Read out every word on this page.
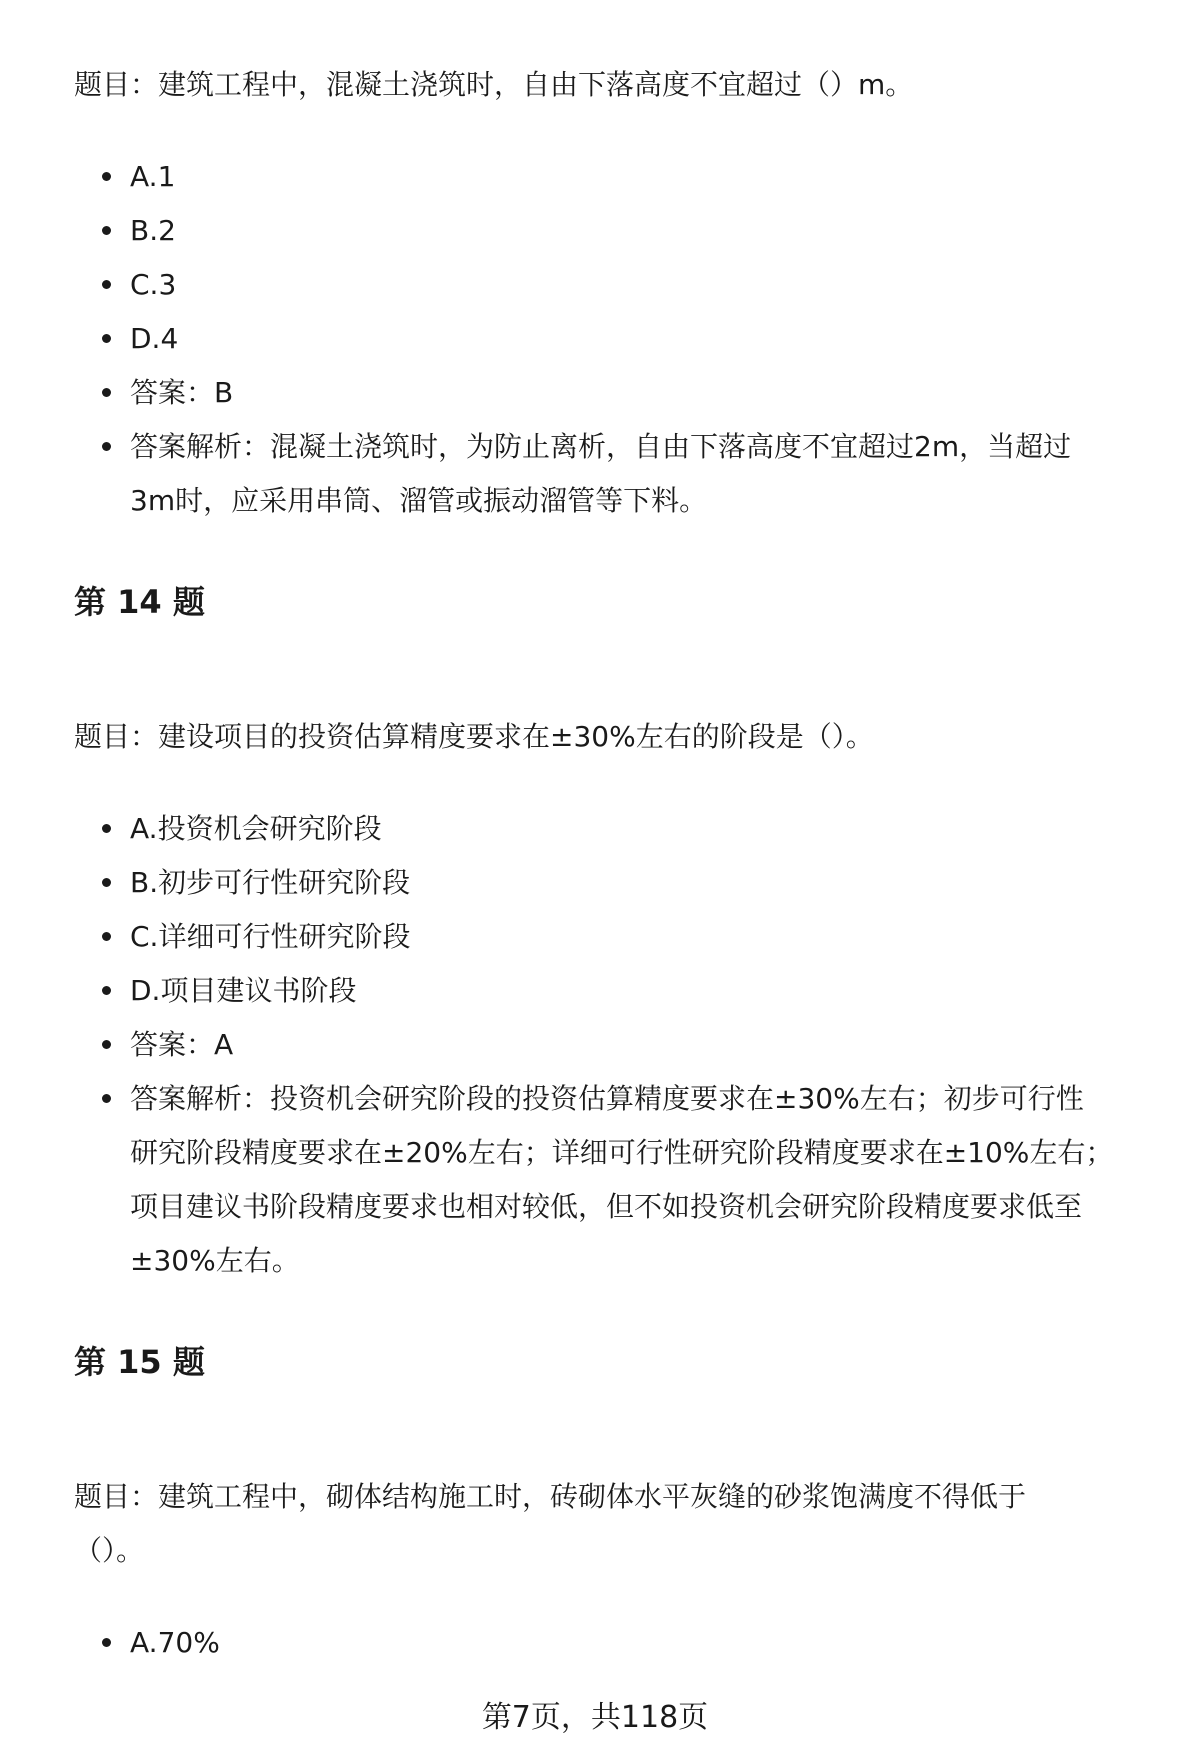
题目：建筑工程中，混凝土浇筑时，自由下落高度不宜超过（）m。
A.1
B.2
C.3
D.4
答案：B
答案解析：混凝土浇筑时，为防止离析，自由下落高度不宜超过2m，当超过
3m时，应采用串筒、溜管或振动溜管等下料。
第 14 题
题目：建设项目的投资估算精度要求在±30%左右的阶段是（）。
A.投资机会研究阶段
B.初步可行性研究阶段
C.详细可行性研究阶段
D.项目建议书阶段
答案：A
答案解析：投资机会研究阶段的投资估算精度要求在±30%左右；初步可行性
研究阶段精度要求在±20%左右；详细可行性研究阶段精度要求在±10%左右；
项目建议书阶段精度要求也相对较低，但不如投资机会研究阶段精度要求低至
±30%左右。
第 15 题
题目：建筑工程中，砌体结构施工时，砖砌体水平灰缝的砂浆饱满度不得低于
（）。
A.70%
第7页，共118页
